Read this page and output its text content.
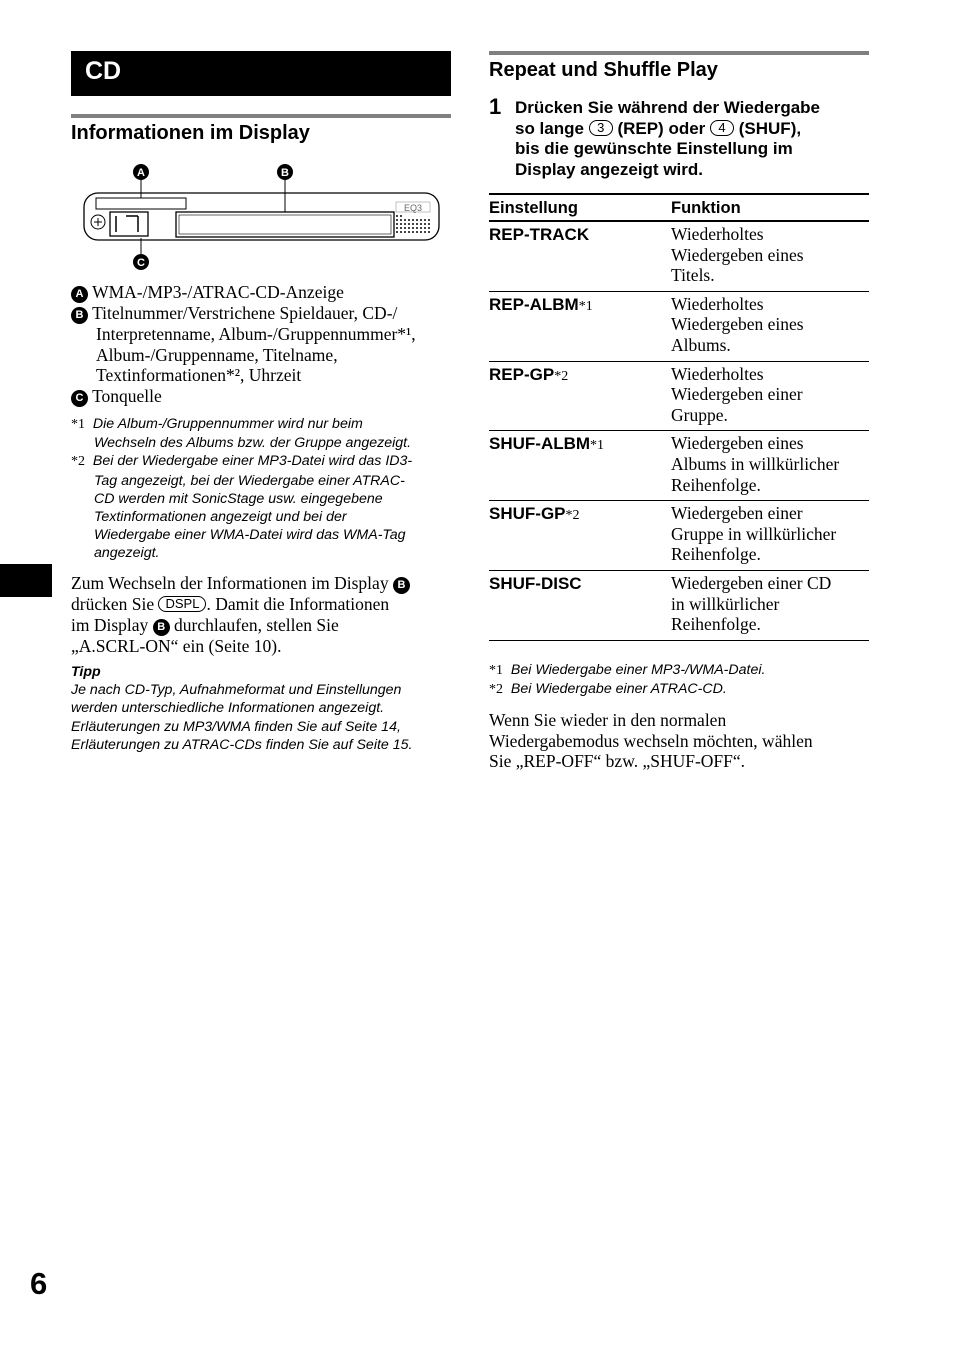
CD
Informationen im Display
A	B
C
EQ3
A WMA-/MP3-/ATRAC-CD-Anzeige
B Titelnummer/Verstrichene Spieldauer, CD-/
Interpretenname, Album-/Gruppennummer*¹,
Album-/Gruppenname, Titelname,
Textinformationen*², Uhrzeit
C Tonquelle
*1 Die Album-/Gruppennummer wird nur beim
Wechseln des Albums bzw. der Gruppe angezeigt.
*2 Bei der Wiedergabe einer MP3-Datei wird das ID3-
Tag angezeigt, bei der Wiedergabe einer ATRAC-
CD werden mit SonicStage usw. eingegebene
Textinformationen angezeigt und bei der
Wiedergabe einer WMA-Datei wird das WMA-Tag
angezeigt.
Zum Wechseln der Informationen im Display B
drücken Sie DSPL . Damit die Informationen
im Display B durchlaufen, stellen Sie
„A.SCRL-ON“ ein (Seite 10).
Tipp
Je nach CD-Typ, Aufnahmeformat und Einstellungen
werden unterschiedliche Informationen angezeigt.
Erläuterungen zu MP3/WMA finden Sie auf Seite 14,
Erläuterungen zu ATRAC-CDs finden Sie auf Seite 15.
Repeat und Shuffle Play
1 Drücken Sie während der Wiedergabe
so lange 3 (REP) oder 4 (SHUF),
bis die gewünschte Einstellung im
Display angezeigt wird.
Einstellung	Funktion
REP-TRACK	Wiederholtes
Wiedergeben eines
Titels.

REP-ALBM*1	Wiederholtes
Wiedergeben eines
Albums.

REP-GP*2	Wiederholtes
Wiedergeben einer
Gruppe.

SHUF-ALBM*1	Wiedergeben eines
Albums in willkürlicher
Reihenfolge.

SHUF-GP*2	Wiedergeben einer
Gruppe in willkürlicher
Reihenfolge.

SHUF-DISC	Wiedergeben einer CD
in willkürlicher
Reihenfolge.
*1 Bei Wiedergabe einer MP3-/WMA-Datei.
*2 Bei Wiedergabe einer ATRAC-CD.
Wenn Sie wieder in den normalen
Wiedergabemodus wechseln möchten, wählen
Sie „REP-OFF“ bzw. „SHUF-OFF“.
6
